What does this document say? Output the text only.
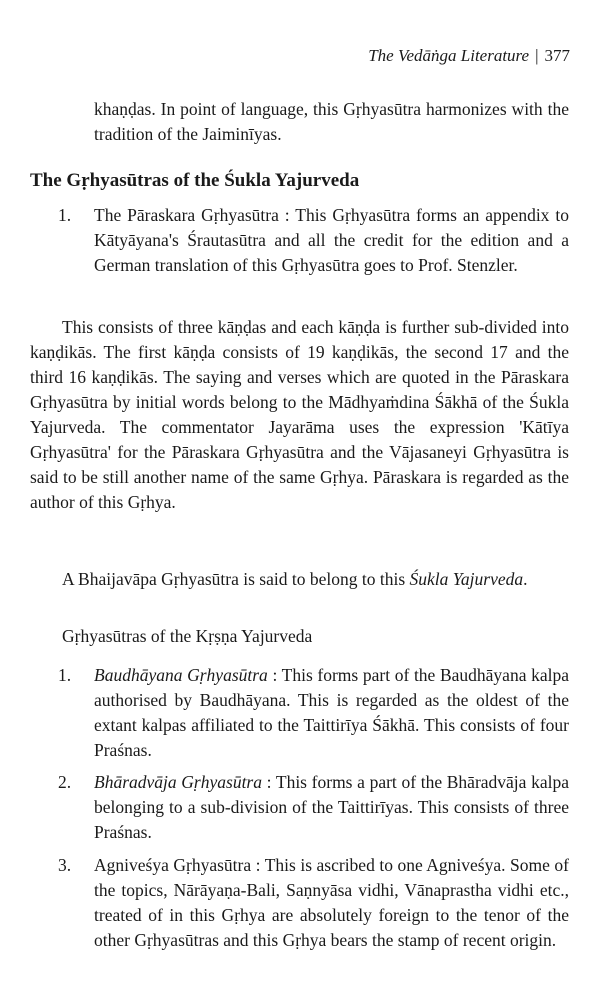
The Vedāṅga Literature | 377
khaṇḍas. In point of language, this Gṛhyasūtra harmonizes with the tradition of the Jaiminīyas.
The Gṛhyasūtras of the Śukla Yajurveda
1. The Pāraskara Gṛhyasūtra : This Gṛhyasūtra forms an appendix to Kātyāyana's Śrautasūtra and all the credit for the edition and a German translation of this Gṛhyasūtra goes to Prof. Stenzler.
This consists of three kāṇḍas and each kāṇḍa is further sub-divided into kaṇḍikās. The first kāṇḍa consists of 19 kaṇḍikās, the second 17 and the third 16 kaṇḍikās. The saying and verses which are quoted in the Pāraskara Gṛhyasūtra by initial words belong to the Mādhyaṁdina Śākhā of the Śukla Yajurveda. The commentator Jayarāma uses the expression 'Kātīya Gṛhyasūtra' for the Pāraskara Gṛhyasūtra and the Vājasaneyi Gṛhyasūtra is said to be still another name of the same Gṛhya. Pāraskara is regarded as the author of this Gṛhya.
A Bhaijavāpa Gṛhyasūtra is said to belong to this Śukla Yajurveda.
Gṛhyasūtras of the Kṛṣṇa Yajurveda
1. Baudhāyana Gṛhyasūtra : This forms part of the Baudhāyana kalpa authorised by Baudhāyana. This is regarded as the oldest of the extant kalpas affiliated to the Taittirīya Śākhā. This consists of four Praśnas.
2. Bhāradvāja Gṛhyasūtra : This forms a part of the Bhāradvāja kalpa belonging to a sub-division of the Taittirīyas. This consists of three Praśnas.
3. Agniveśya Gṛhyasūtra : This is ascribed to one Agniveśya. Some of the topics, Nārāyaṇa-Bali, Saṇnyāsa vidhi, Vānaprastha vidhi etc., treated of in this Gṛhya are absolutely foreign to the tenor of the other Gṛhyasūtras and this Gṛhya bears the stamp of recent origin.
